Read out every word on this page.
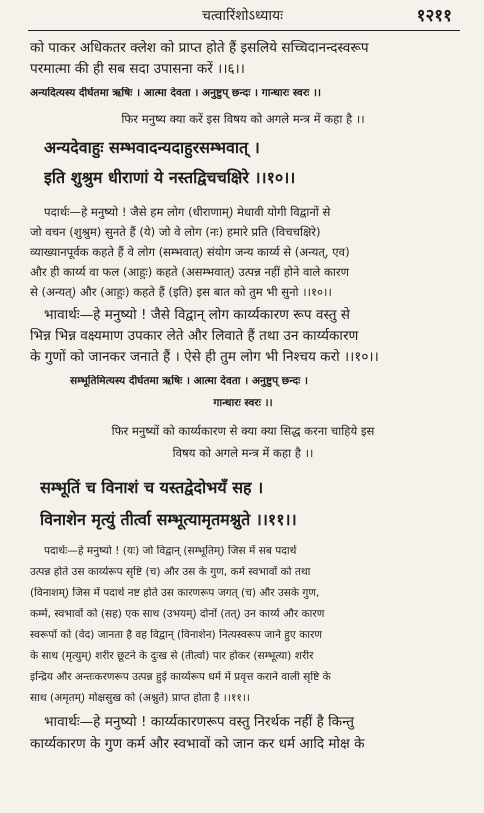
चत्वारिंशोऽध्यायः	१२११
को पाकर अधिकतर क्लेश को प्राप्त होते हैं इसलिये सच्चिदानन्दस्वरूप
परमात्मा की ही सब सदा उपासना करें ।।६।।
अन्यदित्यस्य दीर्घतमा ऋषिः । आत्मा देवता । अनुष्टुप् छन्दः । गान्धारः स्वरः ।।
फिर मनुष्य क्या करें इस विषय को अगले मन्त्र में कहा है ।।
अन्यदेवाहुः सम्भवादन्यदाहुरसम्भवात् ।
इति शुश्रुम धीराणां ये नस्तद्विचचक्षिरे ।।१०।।
पदार्थः—हे मनुष्यो ! जैसे हम लोग (धीराणाम्) मेधावी योगी विद्वानों से
जो वचन (शुश्रुम) सुनते हैं (ये) जो वे लोग (नः) हमारे प्रति (विचचक्षिरे)
व्याख्यानपूर्वक कहते हैं वे लोग (सम्भवात्) संयोग जन्य कार्य्य से (अन्यत्, एव)
और ही कार्य्य वा फल (आहुः) कहते (असम्भवात्) उत्पन्न नहीं होने वाले कारण
से (अन्यत्) और (आहुः) कहते हैं (इति) इस बात को तुम भी सुनो ।।१०।।
भावार्थः—हे मनुष्यो ! जैसे विद्वान् लोग कार्य्यकारण रूप वस्तु से
भिन्न भिन्न वक्ष्यमाण उपकार लेते और लिवाते हैं तथा उन कार्य्यकारण
के गुणों को जानकर जनाते हैं । ऐसे ही तुम लोग भी निश्चय करो ।।१०।।
सम्भूतिमित्यस्य दीर्घतमा ऋषिः । आत्मा देवता । अनुष्टुप् छन्दः ।
गान्धारः स्वरः ।।
फिर मनुष्यों को कार्य्यकारण से क्या क्या सिद्ध करना चाहिये इस
विषय को अगले मन्त्र में कहा है ।।
सम्भूतिं च विनाशं च यस्तद्वेदोभयँ सह ।
विनाशेन मृत्युं तीर्त्वा सम्भूत्यामृतमश्नुते ।।११।।
पदार्थः—हे मनुष्यो ! (यः) जो विद्वान् (सम्भूतिम्) जिस में सब पदार्थ
उत्पन्न होते उस कार्य्यरूप सृष्टि (च) और उस के गुण, कर्म स्वभावों को तथा
(विनाशम्) जिस में पदार्थ नष्ट होते उस कारणरूप जगत् (च) और उसके गुण,
कर्म्म, स्वभावों को (सह) एक साथ (उभयम्) दोनों (तत्) उन कार्य्य और कारण
स्वरूपों को (वेद) जानता है वह विद्वान् (विनाशेन) नित्यस्वरूप जाने हुए कारण
के साथ (मृत्युम्) शरीर छूटने के दुःख से (तीर्त्वा) पार होकर (सम्भूत्या) शरीर
इन्द्रिय और अन्तःकरणरूप उत्पन्न हुई कार्य्यरूप धर्म में प्रवृत्त कराने वाली सृष्टि के
साथ (अमृतम्) मोक्षसुख को (अश्नुते) प्राप्त होता है ।।११।।
भावार्थः—हे मनुष्यो ! कार्य्यकारणरूप वस्तु निरर्थक नहीं है किन्तु
कार्य्यकारण के गुण कर्म और स्वभावों को जान कर धर्म आदि मोक्ष के
